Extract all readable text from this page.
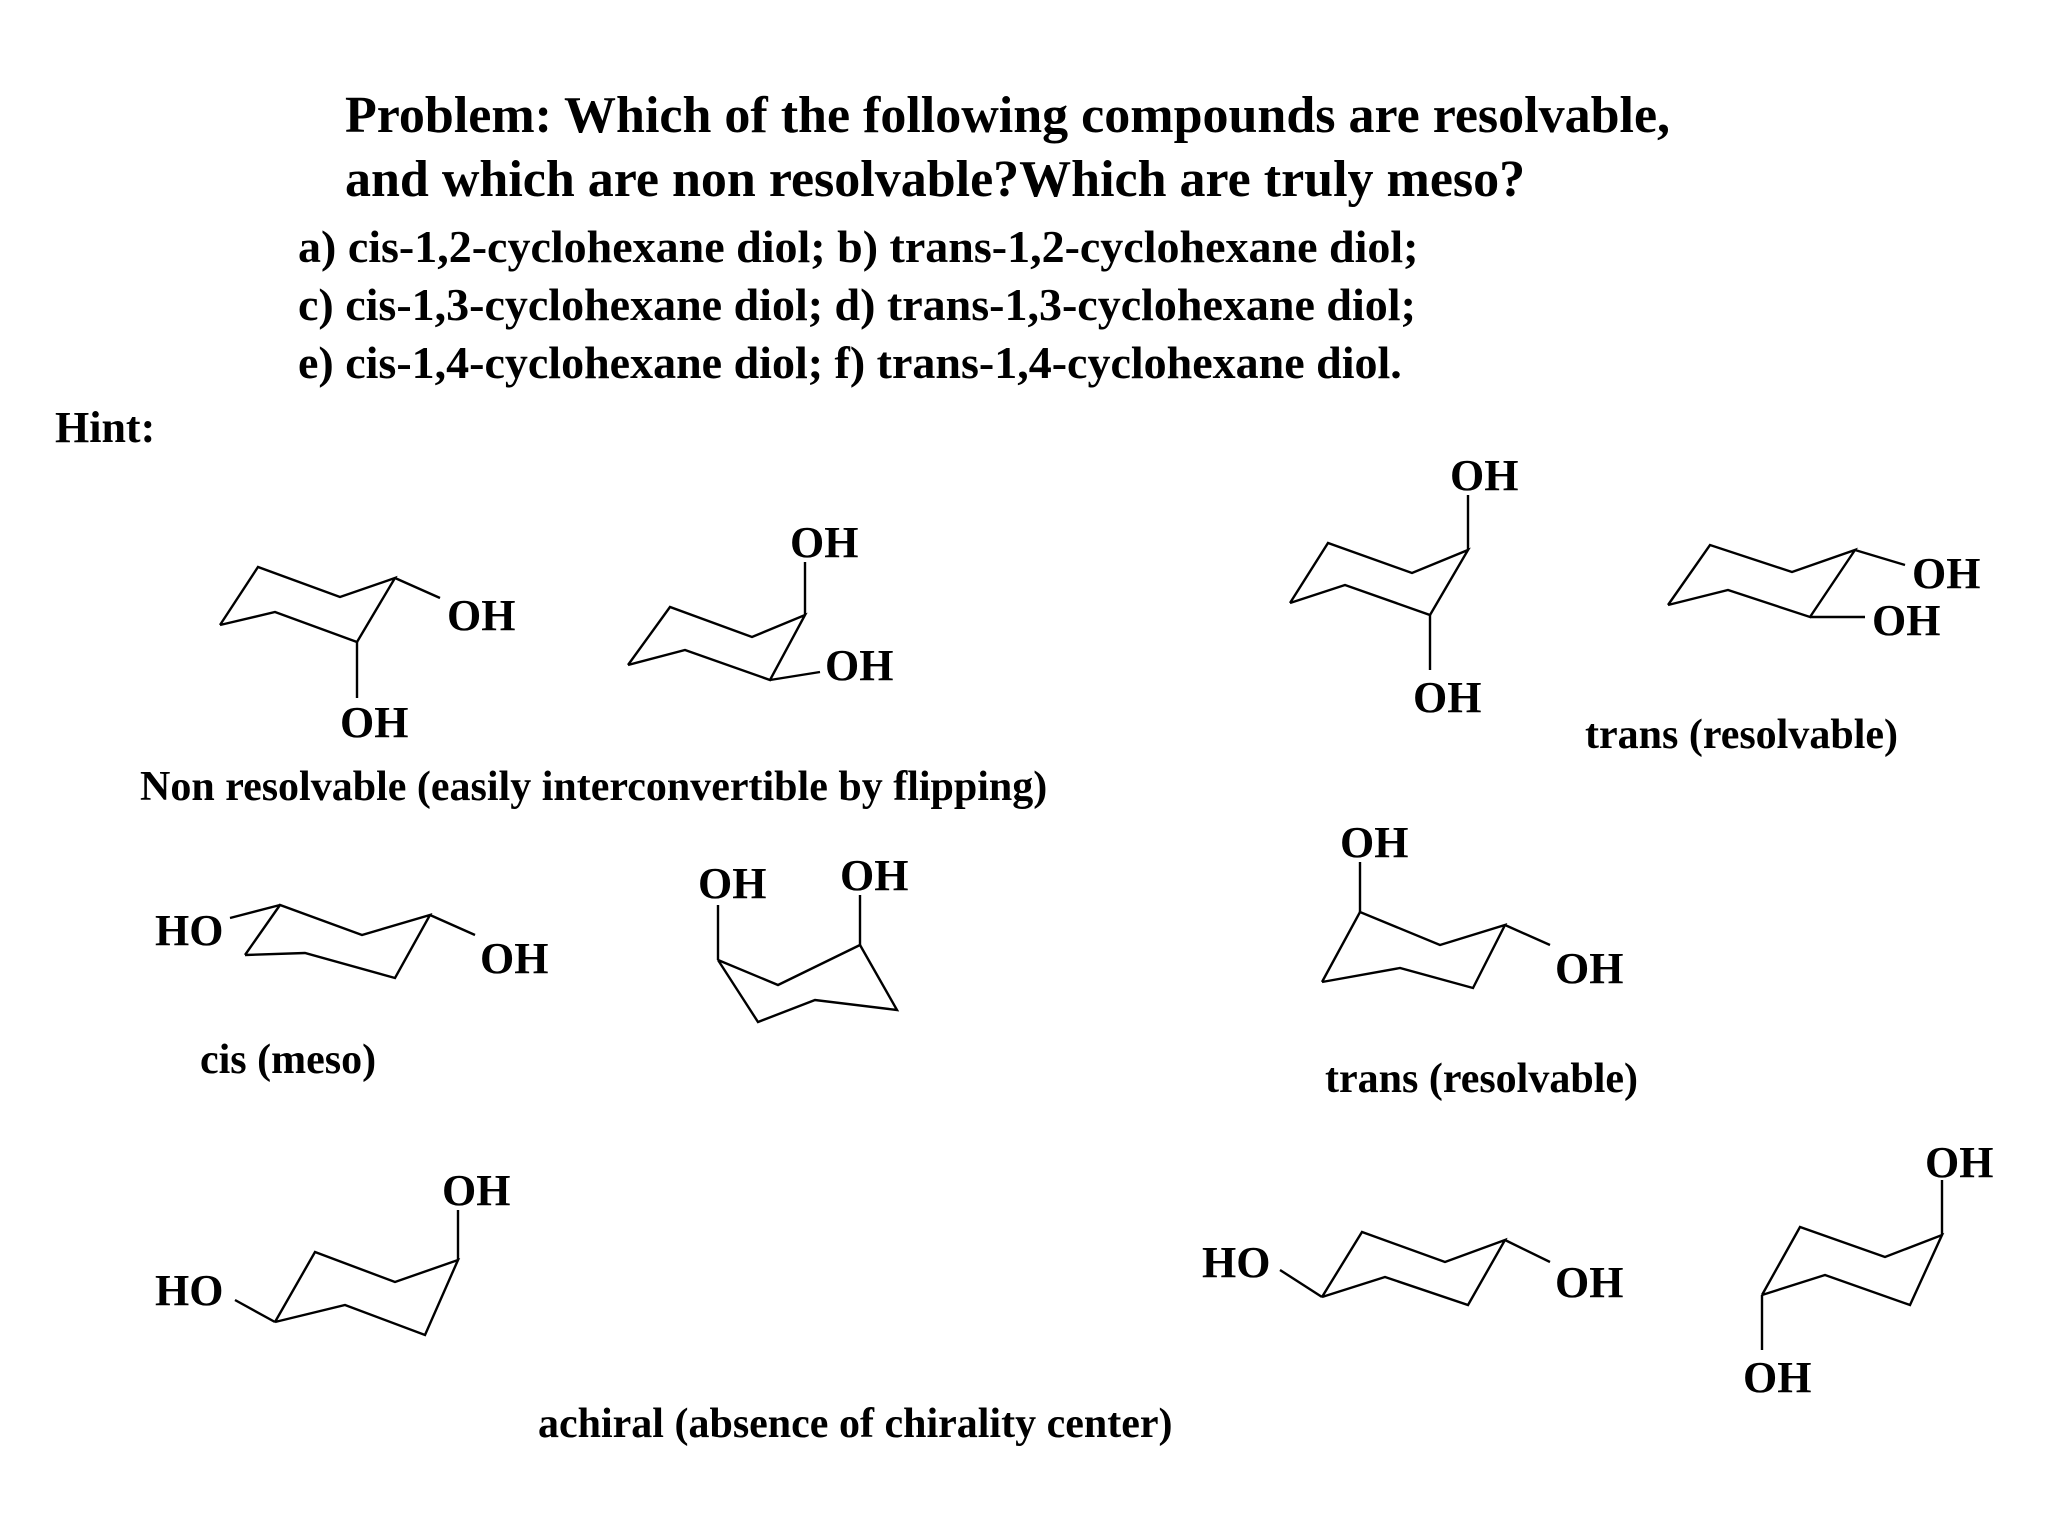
Problem: Which of the following compounds are resolvable,
and which are non resolvable?Which are truly meso?
a) cis-1,2-cyclohexane diol; b) trans-1,2-cyclohexane diol;
c) cis-1,3-cyclohexane diol; d) trans-1,3-cyclohexane diol;
e) cis-1,4-cyclohexane diol; f) trans-1,4-cyclohexane diol.
Hint:
OH
OH
OH
OH
Non resolvable (easily interconvertible by flipping)
OH
OH
OH
OH
trans (resolvable)
HO
OH
OH OH
cis (meso)
OH
OH
trans (resolvable)
HO
OH
HO	OH
OH
OH
achiral (absence of chirality center)
